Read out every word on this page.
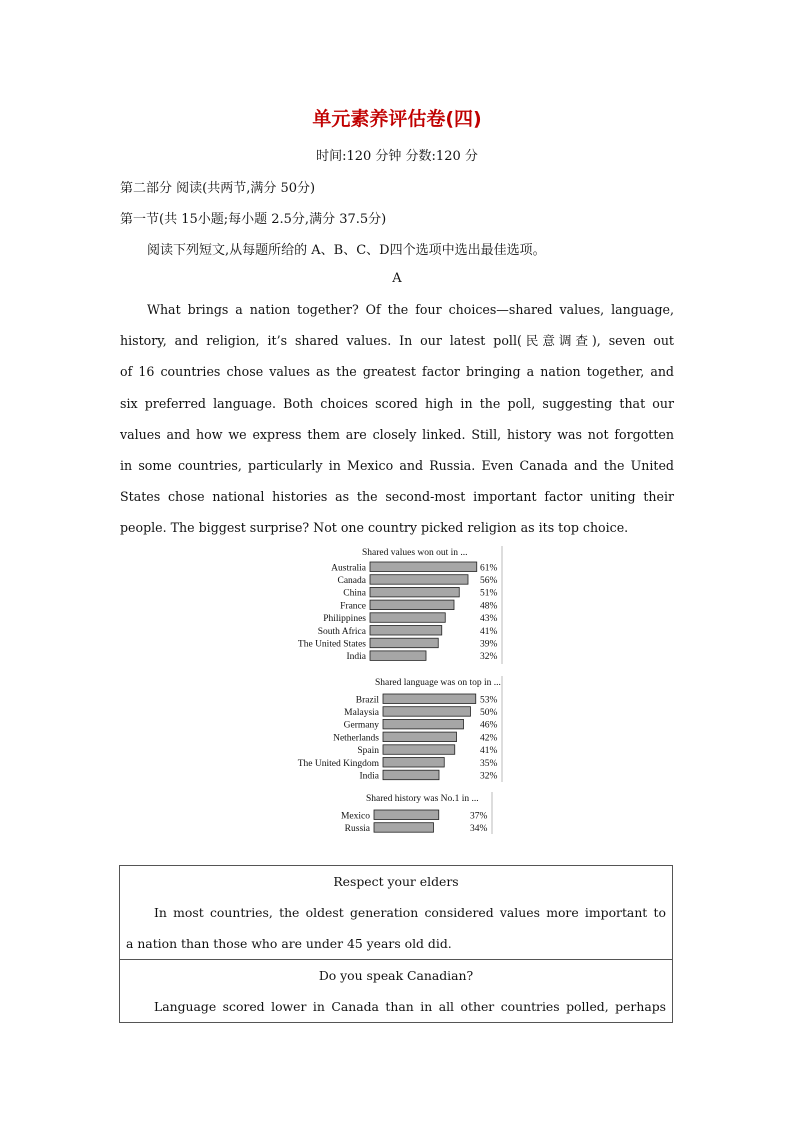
单元素养评估卷(四)
时间:120 分钟 分数:120 分
第二部分 阅读(共两节,满分 50分)
第一节(共 15小题;每小题 2.5分,满分 37.5分)
阅读下列短文,从每题所给的 A、B、C、D四个选项中选出最佳选项。
A
What brings a nation together? Of the four choices—shared values, language,
history, and religion, it’s shared values. In our latest poll(民意调查), seven out
of 16 countries chose values as the greatest factor bringing a nation together, and
six preferred language. Both choices scored high in the poll, suggesting that our
values and how we express them are closely linked. Still, history was not forgotten
in some countries, particularly in Mexico and Russia. Even Canada and the United
States chose national histories as the second-most important factor uniting their
people. The biggest surprise? Not one country picked religion as its top choice.
Shared values won out in ...
Australia	61%
Canada	56%
China	51%
France	48%
Philippines	43%
South Africa	41%
The United States	39%
India	32%
Shared language was on top in ...
Brazil	53%
Malaysia	50%
Germany	46%
Netherlands	42%
Spain	41%
The United Kingdom	35%
India	32%
Shared history was No.1 in ...
Mexico	37%
Russia	34%
Respect your elders
In most countries, the oldest generation considered values more important to
a nation than those who are under 45 years old did.
Do you speak Canadian?
Language scored lower in Canada than in all other countries polled, perhaps
